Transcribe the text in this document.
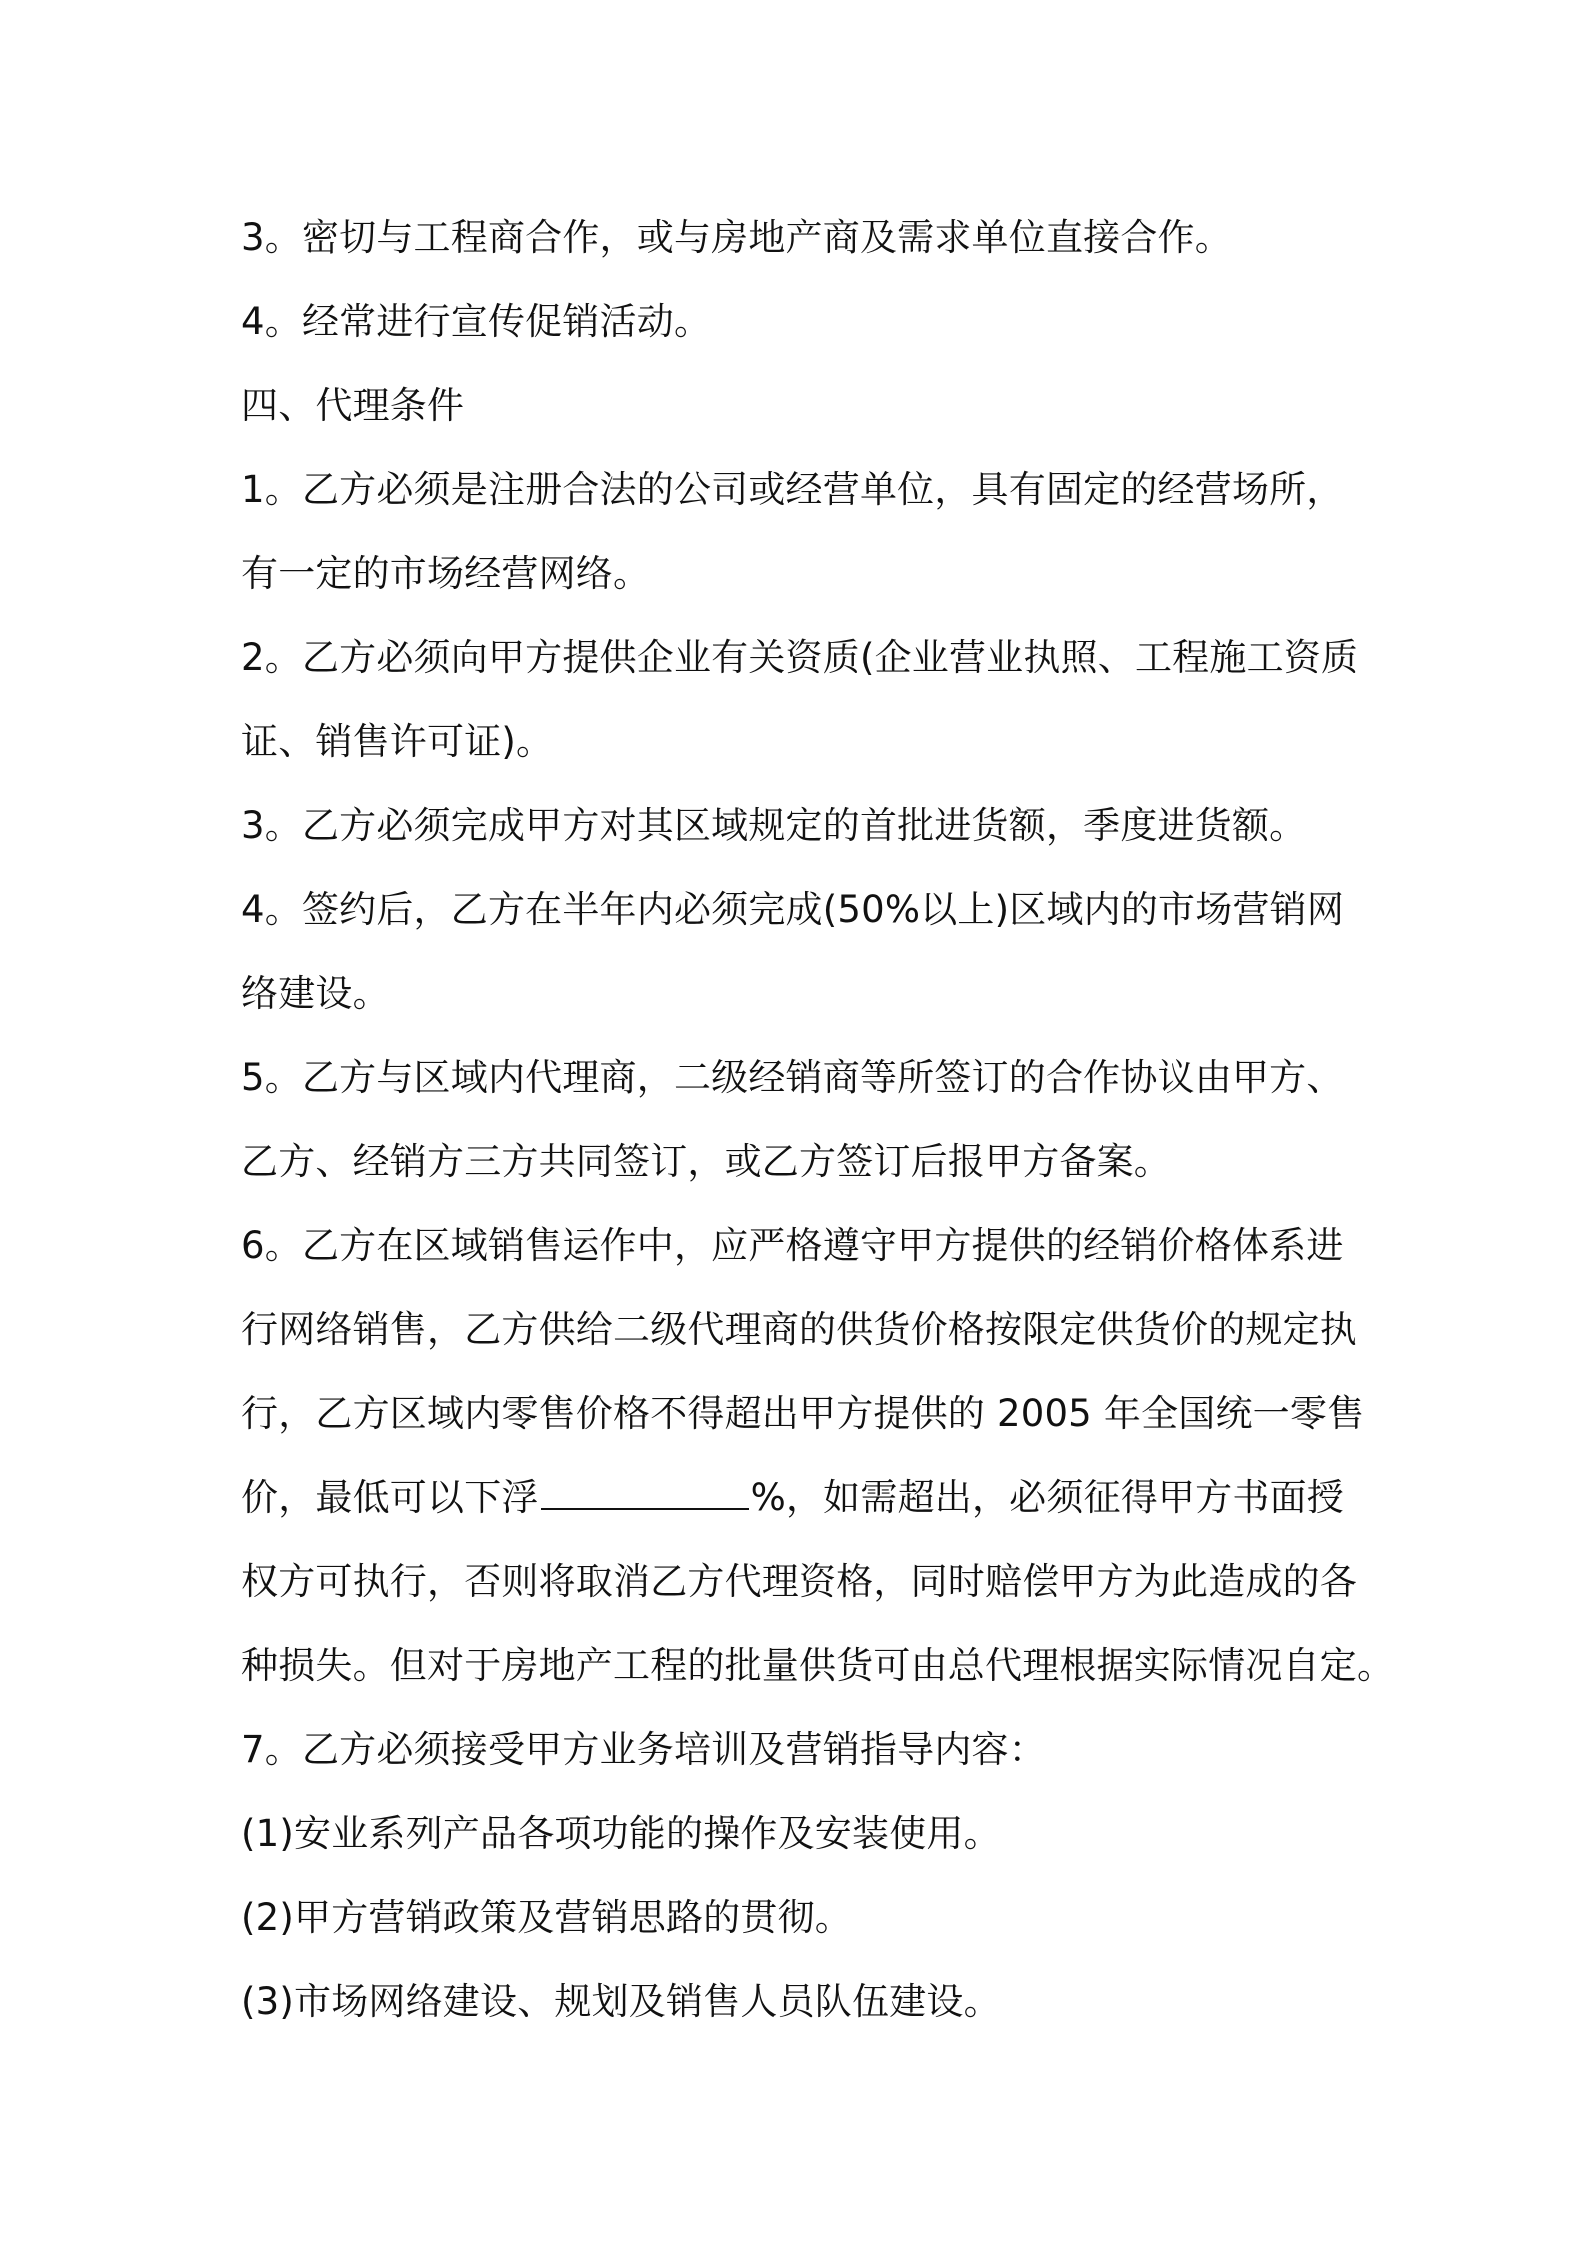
3。密切与工程商合作，或与房地产商及需求单位直接合作。
4。经常进行宣传促销活动。
四、代理条件
1。乙方必须是注册合法的公司或经营单位，具有固定的经营场所，
有一定的市场经营网络。
2。乙方必须向甲方提供企业有关资质(企业营业执照、工程施工资质
证、销售许可证)。
3。乙方必须完成甲方对其区域规定的首批进货额，季度进货额。
4。签约后，乙方在半年内必须完成(50%以上)区域内的市场营销网
络建设。
5。乙方与区域内代理商，二级经销商等所签订的合作协议由甲方、
乙方、经销方三方共同签订，或乙方签订后报甲方备案。
6。乙方在区域销售运作中，应严格遵守甲方提供的经销价格体系进
行网络销售，乙方供给二级代理商的供货价格按限定供货价的规定执
行，乙方区域内零售价格不得超出甲方提供的 2005 年全国统一零售
价，最低可以下浮	%，如需超出，必须征得甲方书面授
权方可执行，否则将取消乙方代理资格，同时赔偿甲方为此造成的各
种损失。但对于房地产工程的批量供货可由总代理根据实际情况自定。
7。乙方必须接受甲方业务培训及营销指导内容：
(1)安业系列产品各项功能的操作及安装使用。
(2)甲方营销政策及营销思路的贯彻。
(3)市场网络建设、规划及销售人员队伍建设。
